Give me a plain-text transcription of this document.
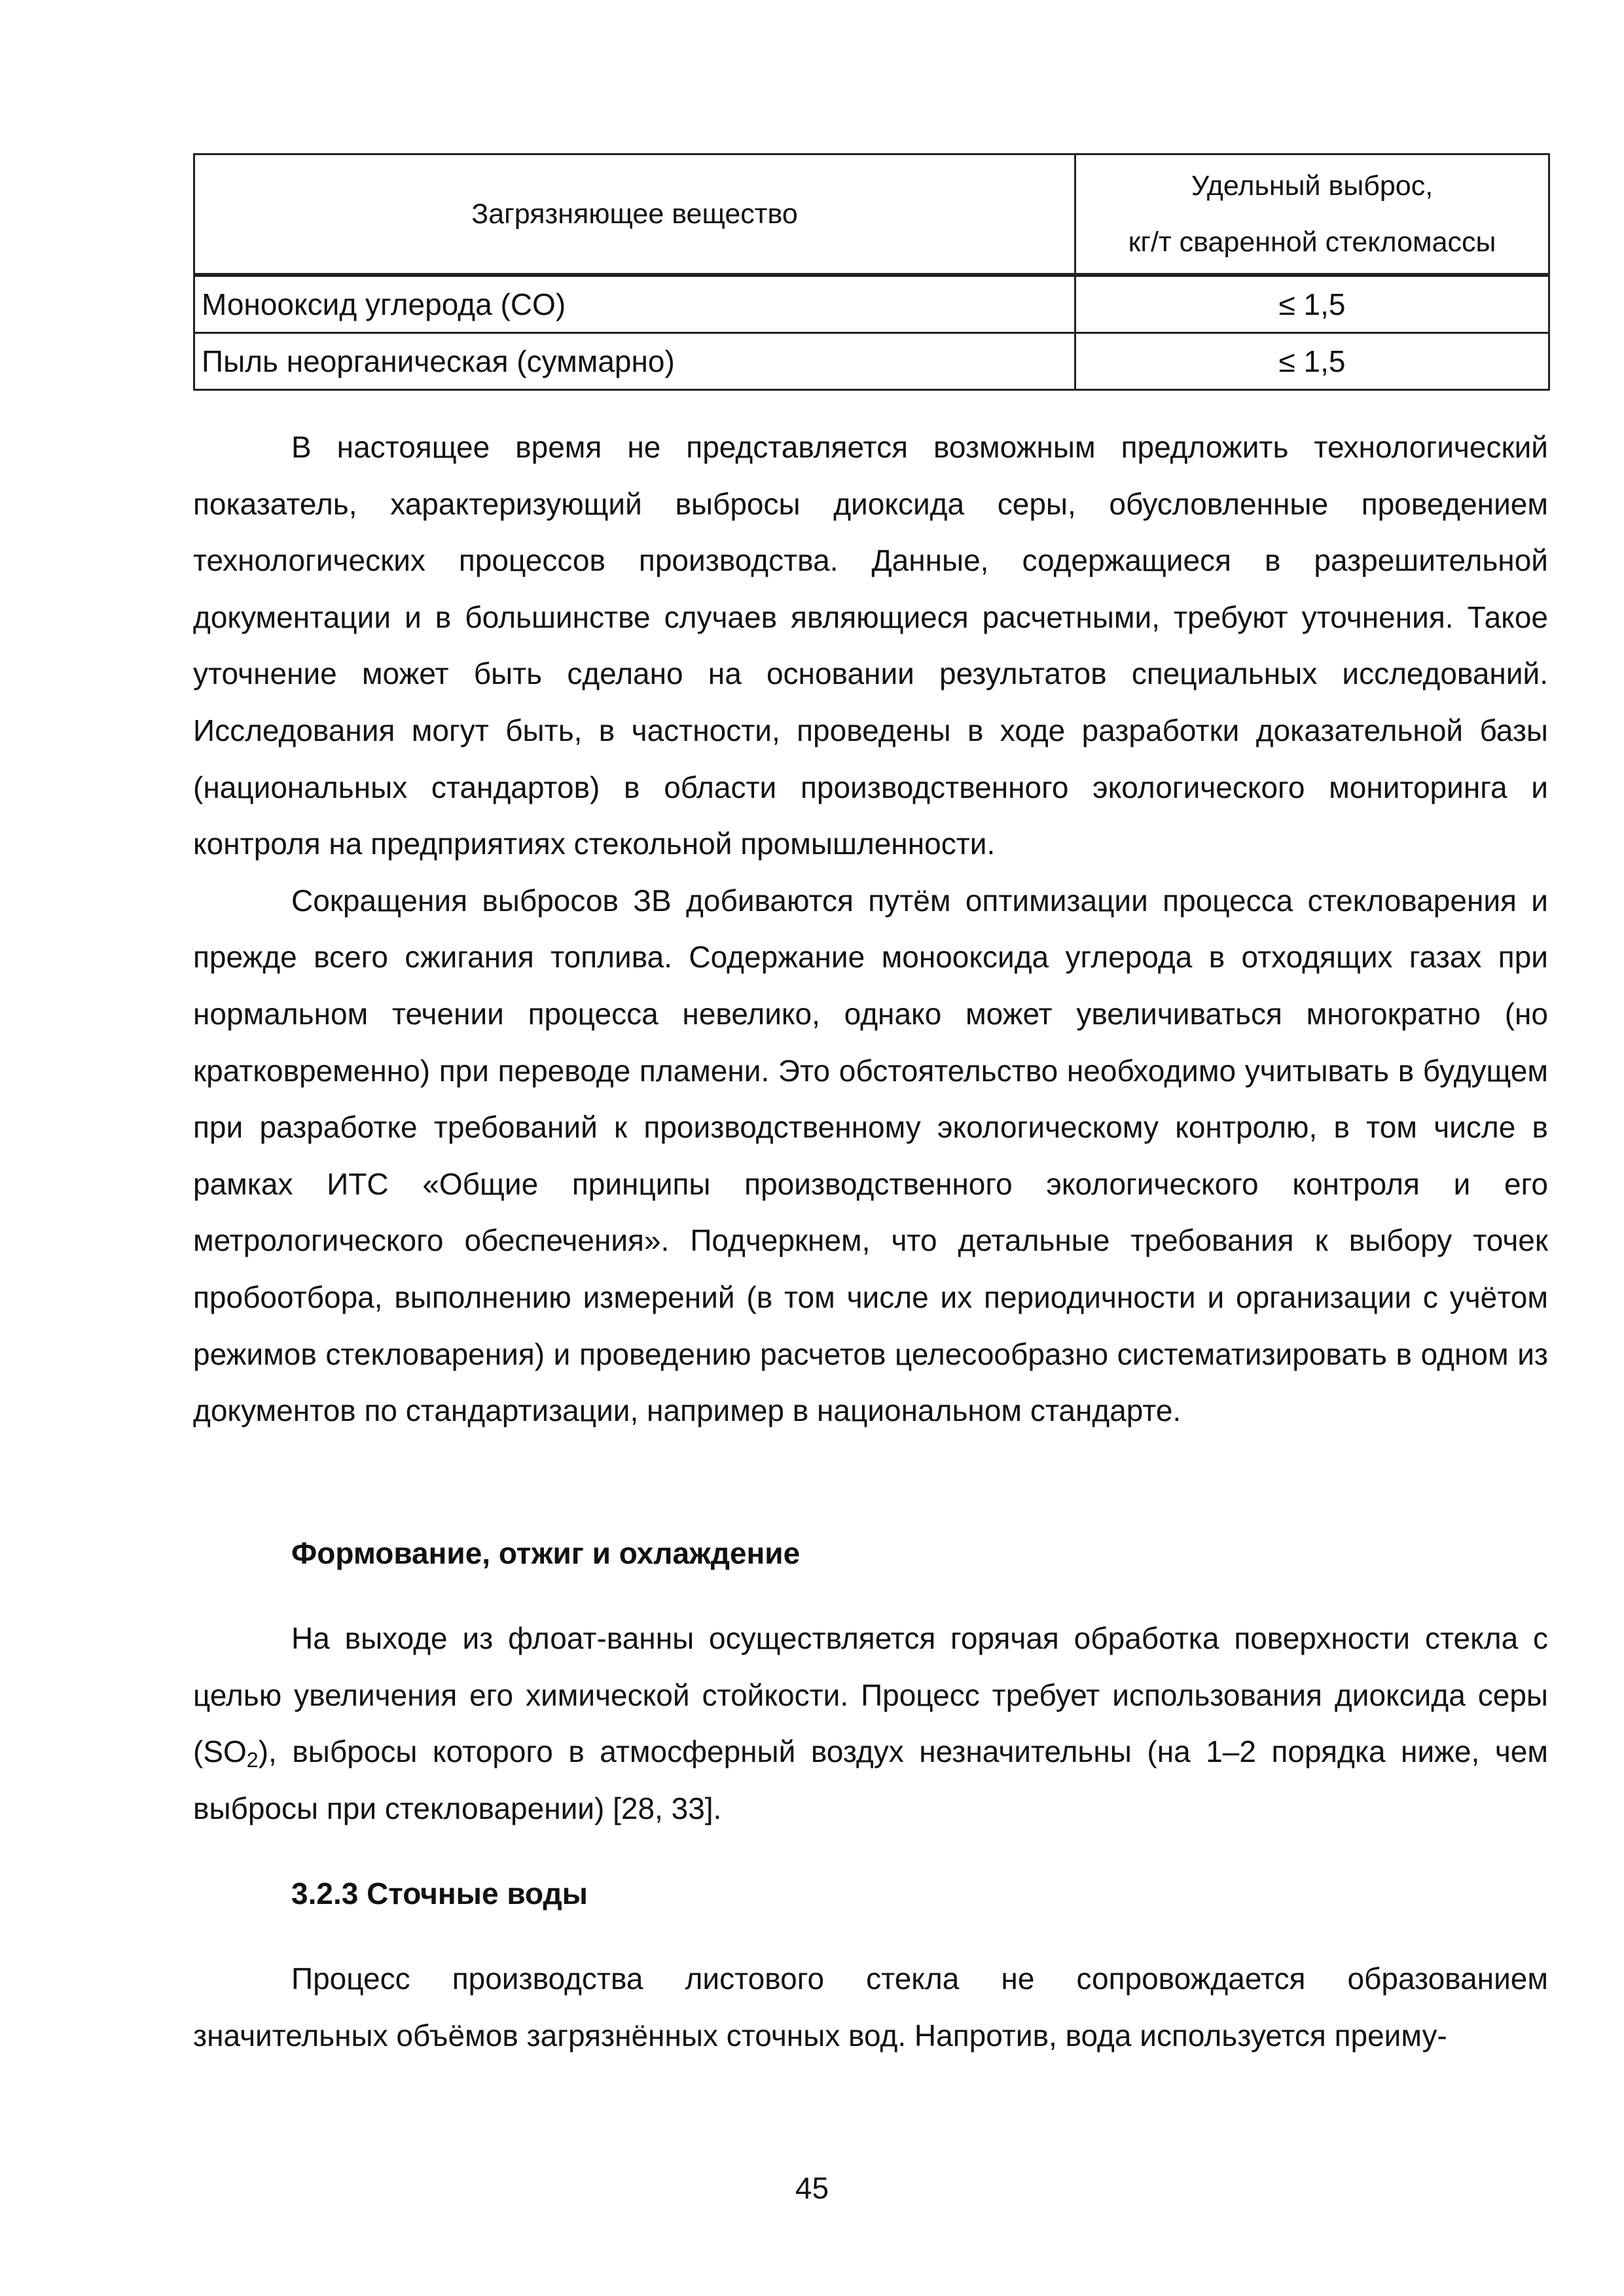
Загрязняющее вещество	Удельный выброс,
кг/т сваренной стекломассы
Монооксид углерода (CO)	≤ 1,5
Пыль неорганическая (суммарно)	≤ 1,5

В настоящее время не представляется возможным предложить технологический показатель, характеризующий выбросы диоксида серы, обусловленные проведением технологических процессов производства. Данные, содержащиеся в разрешительной документации и в большинстве случаев являющиеся расчетными, требуют уточнения. Такое уточнение может быть сделано на основании результатов специальных исследований. Исследования могут быть, в частности, проведены в ходе разработки доказательной базы (национальных стандартов) в области производственного экологического мониторинга и контроля на предприятиях стекольной промышленности.

Сокращения выбросов ЗВ добиваются путём оптимизации процесса стекловарения и прежде всего сжигания топлива. Содержание монооксида углерода в отходящих газах при нормальном течении процесса невелико, однако может увеличиваться многократно (но кратковременно) при переводе пламени. Это обстоятельство необходимо учитывать в будущем при разработке требований к производственному экологическому контролю, в том числе в рамках ИТС «Общие принципы производственного экологического контроля и его метрологического обеспечения». Подчеркнем, что детальные требования к выбору точек пробоотбора, выполнению измерений (в том числе их периодичности и организации с учётом режимов стекловарения) и проведению расчетов целесообразно систематизировать в одном из документов по стандартизации, например в национальном стандарте.

Формование, отжиг и охлаждение

На выходе из флоат-ванны осуществляется горячая обработка поверхности стекла с целью увеличения его химической стойкости. Процесс требует использования диоксида серы $(SO_2)$, выбросы которого в атмосферный воздух незначительны (на 1–2 порядка ниже, чем выбросы при стекловарении) [28, 33].

3.2.3 Сточные воды

Процесс производства листового стекла не сопровождается образованием значительных объёмов загрязнённых сточных вод. Напротив, вода используется преиму-

45
